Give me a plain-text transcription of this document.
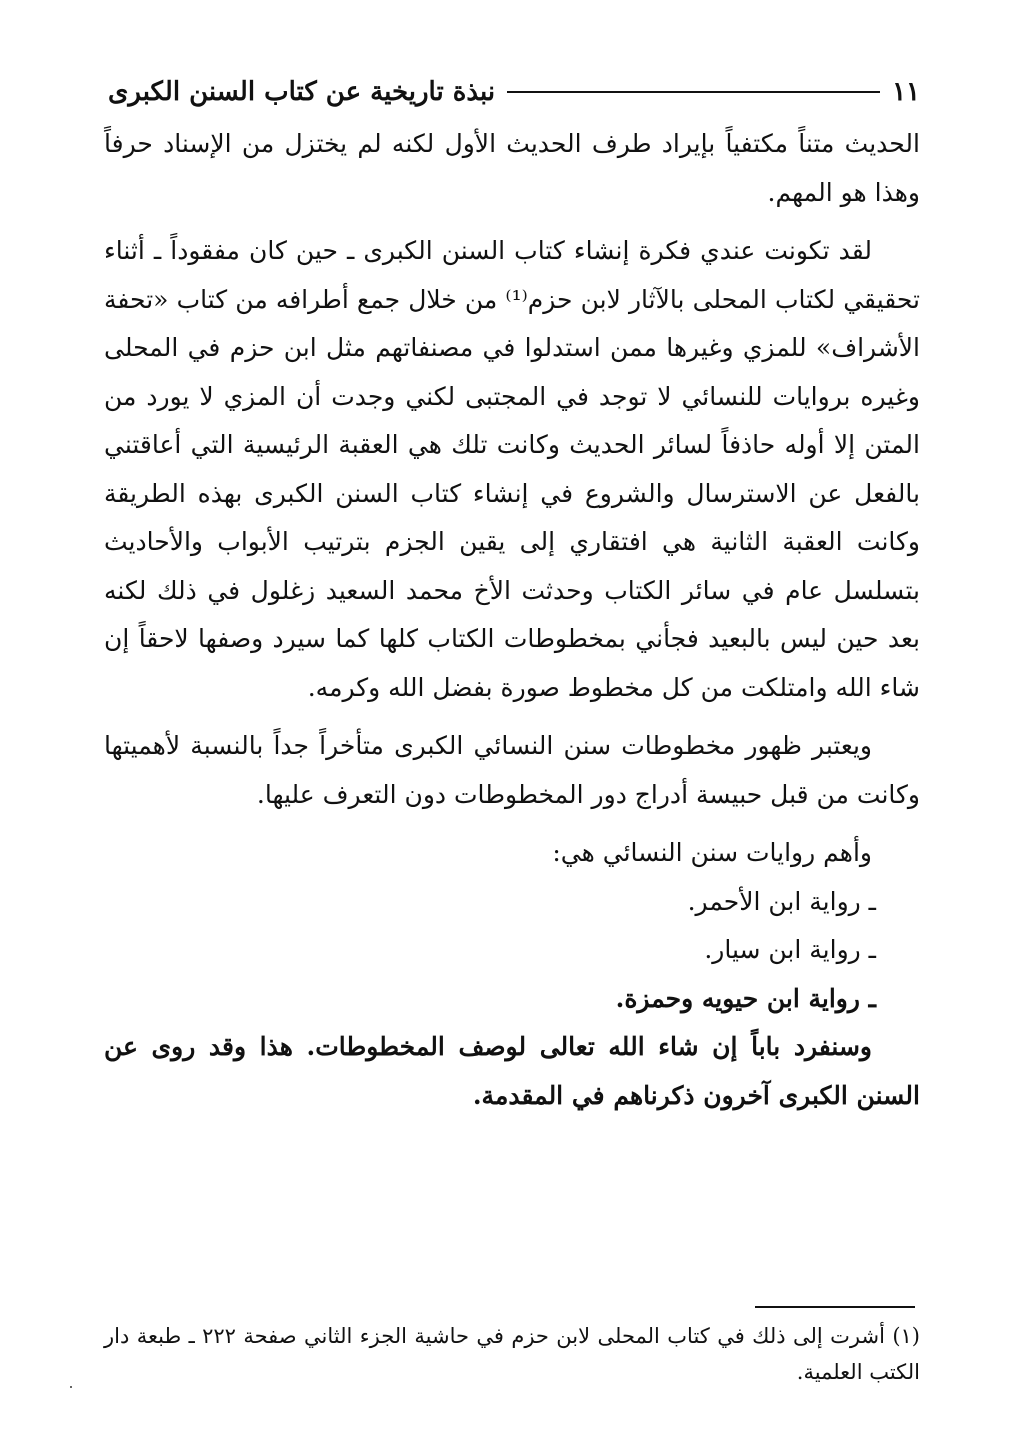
نبذة تاريخية عن كتاب السنن الكبرى	١١

الحديث متناً مكتفياً بإيراد طرف الحديث الأول لكنه لم يختزل من الإسناد حرفاً وهذا هو المهم.

لقد تكونت عندي فكرة إنشاء كتاب السنن الكبرى ـ حين كان مفقوداً ـ أثناء تحقيقي لكتاب المحلى بالآثار لابن حزم⁽¹⁾ من خلال جمع أطرافه من كتاب «تحفة الأشراف» للمزي وغيرها ممن استدلوا في مصنفاتهم مثل ابن حزم في المحلى وغيره بروايات للنسائي لا توجد في المجتبى لكني وجدت أن المزي لا يورد من المتن إلا أوله حاذفاً لسائر الحديث وكانت تلك هي العقبة الرئيسية التي أعاقتني بالفعل عن الاسترسال والشروع في إنشاء كتاب السنن الكبرى بهذه الطريقة وكانت العقبة الثانية هي افتقاري إلى يقين الجزم بترتيب الأبواب والأحاديث بتسلسل عام في سائر الكتاب وحدثت الأخ محمد السعيد زغلول في ذلك لكنه بعد حين ليس بالبعيد فجأني بمخطوطات الكتاب كلها كما سيرد وصفها لاحقاً إن شاء الله وامتلكت من كل مخطوط صورة بفضل الله وكرمه.

ويعتبر ظهور مخطوطات سنن النسائي الكبرى متأخراً جداً بالنسبة لأهميتها وكانت من قبل حبيسة أدراج دور المخطوطات دون التعرف عليها.

وأهم روايات سنن النسائي هي:

ـ رواية ابن الأحمر.

ـ رواية ابن سيار.

ـ رواية ابن حيويه وحمزة.

وسنفرد باباً إن شاء الله تعالى لوصف المخطوطات. هذا وقد روى عن السنن الكبرى آخرون ذكرناهم في المقدمة.

(١) أشرت إلى ذلك في كتاب المحلى لابن حزم في حاشية الجزء الثاني صفحة ٢٢٢ ـ طبعة دار الكتب العلمية.
